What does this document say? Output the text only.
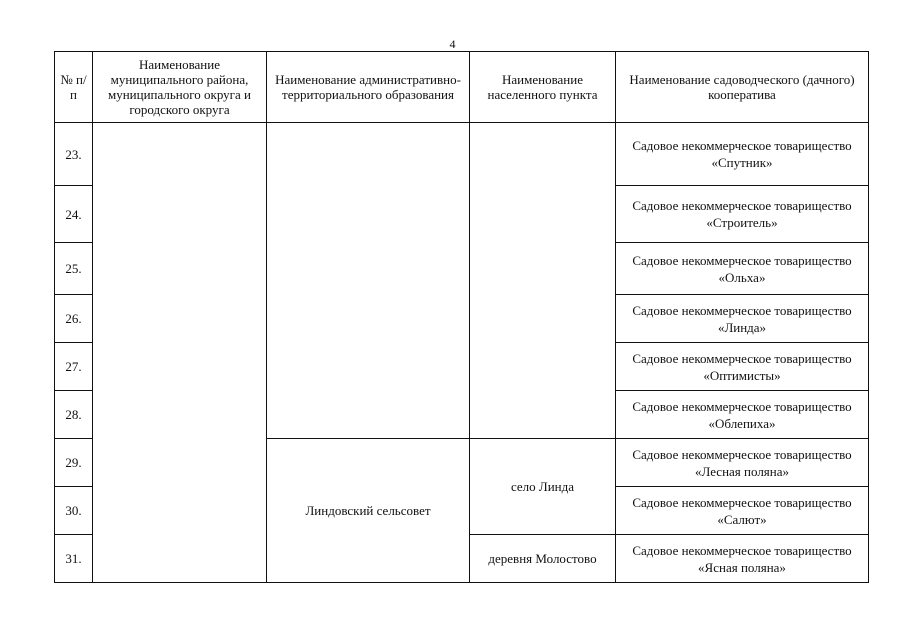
4
№ п/п	Наименование муниципального района, муниципального округа и городского округа	Наименование административно-территориального образования	Наименование населенного пункта	Наименование садоводческого (дачного) кооператива
23.				Садовое некоммерческое товарищество «Спутник»
24.				Садовое некоммерческое товарищество «Строитель»
25.				Садовое некоммерческое товарищество «Ольха»
26.				Садовое некоммерческое товарищество «Линда»
27.				Садовое некоммерческое товарищество «Оптимисты»
28.				Садовое некоммерческое товарищество «Облепиха»
29.		Линдовский сельсовет	село Линда	Садовое некоммерческое товарищество «Лесная поляна»
30.				Садовое некоммерческое товарищество «Салют»
31.			деревня Молостово	Садовое некоммерческое товарищество «Ясная поляна»
